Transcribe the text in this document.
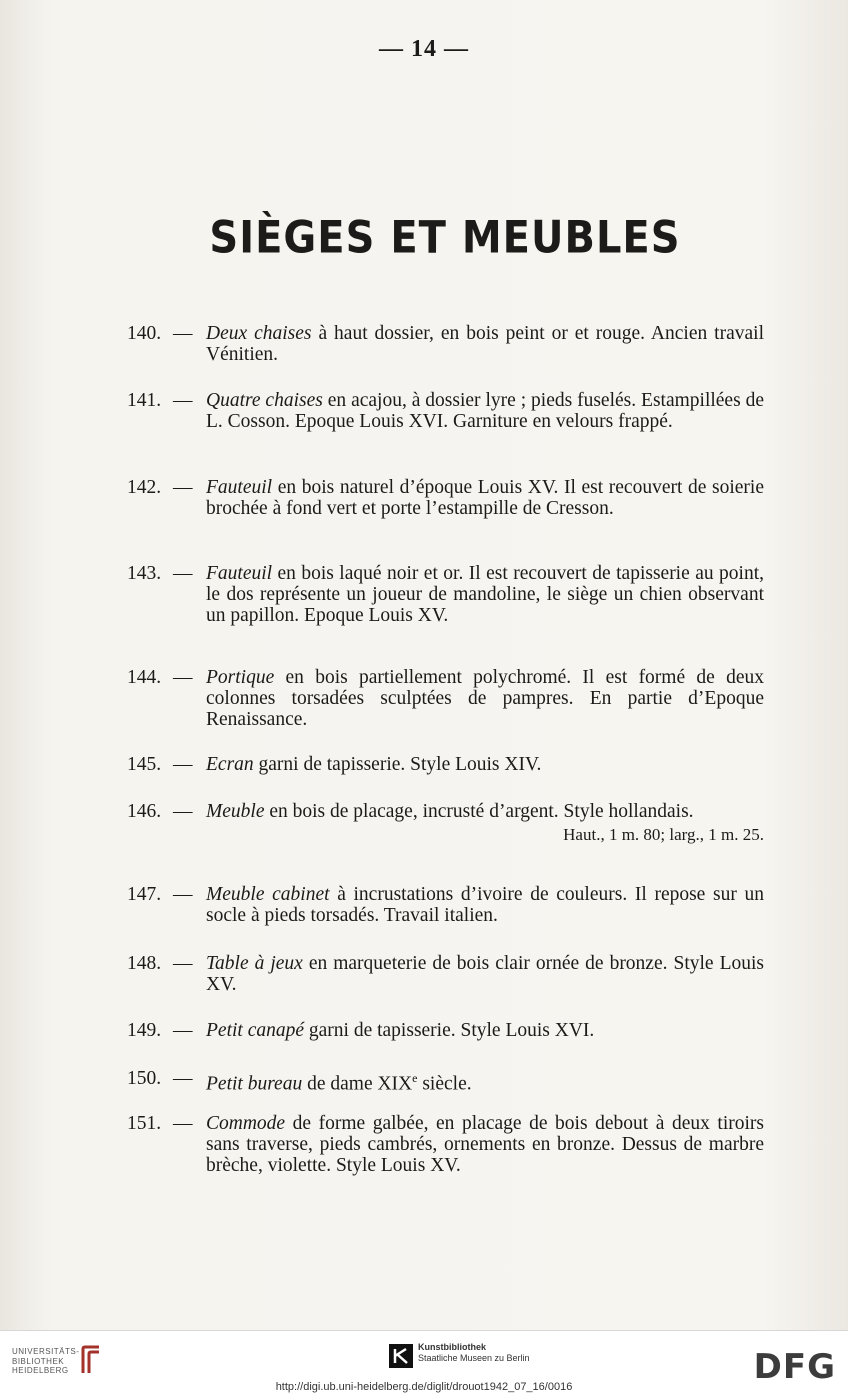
— 14 —
SIÈGES ET MEUBLES
140. — Deux chaises à haut dossier, en bois peint or et rouge. Ancien travail Vénitien.
141. — Quatre chaises en acajou, à dossier lyre ; pieds fuselés. Estampillées de L. Cosson. Epoque Louis XVI. Garniture en velours frappé.
142. — Fauteuil en bois naturel d’époque Louis XV. Il est recouvert de soierie brochée à fond vert et porte l’estampille de Cresson.
143. — Fauteuil en bois laqué noir et or. Il est recouvert de tapisserie au point, le dos représente un joueur de mandoline, le siège un chien observant un papillon. Epoque Louis XV.
144. — Portique en bois partiellement polychromé. Il est formé de deux colonnes torsadées sculptées de pampres. En partie d’Epoque Renaissance.
145. — Ecran garni de tapisserie. Style Louis XIV.
146. — Meuble en bois de placage, incrusté d’argent. Style hollandais.
Haut., 1 m. 80; larg., 1 m. 25.
147. — Meuble cabinet à incrustations d’ivoire de couleurs. Il repose sur un socle à pieds torsadés. Travail italien.
148. — Table à jeux en marqueterie de bois clair ornée de bronze. Style Louis XV.
149. — Petit canapé garni de tapisserie. Style Louis XVI.
150. — Petit bureau de dame XIXe siècle.
151. — Commode de forme galbée, en placage de bois debout à deux tiroirs sans traverse, pieds cambrés, ornements en bronze. Dessus de marbre brèche, violette. Style Louis XV.
UNIVERSITÄTS-
BIBLIOTHEK
HEIDELBERG
Kunstbibliothek
Staatliche Museen zu Berlin	DFG
http://digi.ub.uni-heidelberg.de/diglit/drouot1942_07_16/0016
